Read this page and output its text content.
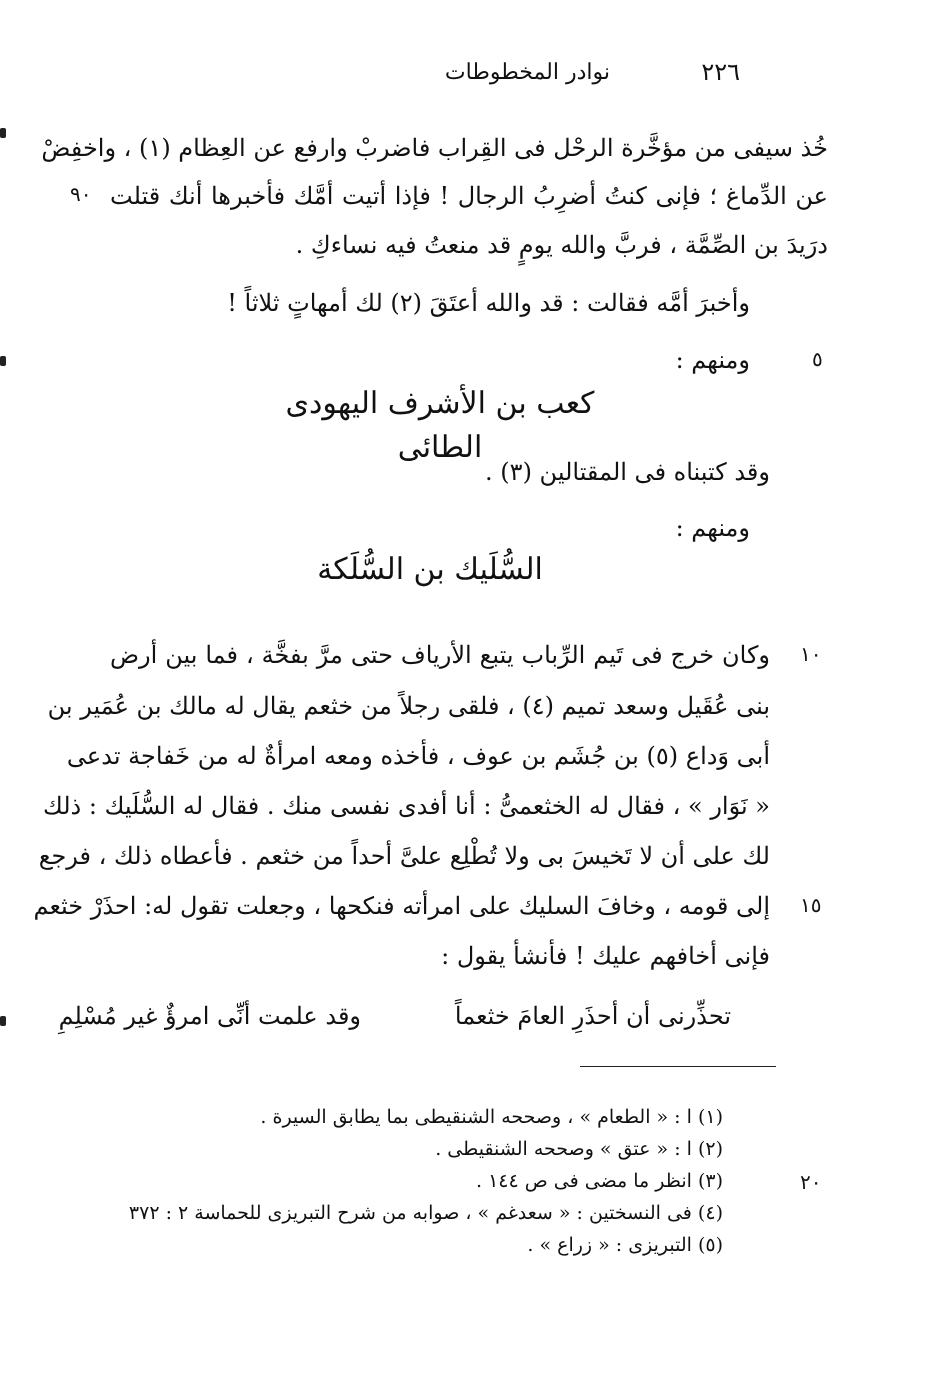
٢٢٦
نوادر المخطوطات
خُذ سيفى من مؤخَّرة الرحْل فى القِراب فاضربْ وارفع عن العِظام (١) ، واخفِضْ
عن الدِّماغ ؛ فإنى كنتُ أضرِبُ الرجال ! فإذا أتيت أمَّك فأخبرها أنك قتلت
٩٠
درَيدَ بن الصِّمَّة ، فربَّ والله يومٍ قد منعتُ فيه نساءكِ .
وأخبرَ أمَّه فقالت : قد والله أعتَقَ (٢) لك أمهاتٍ ثلاثاً !
٥
ومنهم :
كعب بن الأشرف اليهودى الطائى
وقد كتبناه فى المقتالين (٣) .
ومنهم :
السُّلَيك بن السُّلَكة
١٠
وكان خرج فى تَيم الرِّباب يتبع الأرياف حتى مرَّ بفخَّة ، فما بين أرض
بنى عُقَيل وسعد تميم (٤) ، فلقى رجلاً من خثعم يقال له مالك بن عُمَير بن
أبى وَداع (٥) بن جُشَم بن عوف ، فأخذه ومعه امرأةٌ له من خَفاجة تدعى
« نَوَار » ، فقال له الخثعمىُّ : أنا أفدى نفسى منك . فقال له السُّلَيك : ذلك
لك على أن لا تَخيسَ بى ولا تُطْلِع علىَّ أحداً من خثعم . فأعطاه ذلك ، فرجع
١٥
إلى قومه ، وخافَ السليك على امرأته فنكحها ، وجعلت تقول له: احذَرْ خثعم
فإنى أخافهم عليك ! فأنشأ يقول :
تحذِّرنى أن أحذَرِ العامَ خثعماً
وقد علمت أنِّى امرؤٌ غير مُسْلِمِ
(١) ا : « الطعام » ، وصححه الشنقيطى بما يطابق السيرة .
(٢) ا : « عتق » وصححه الشنقيطى .
(٣) انظر ما مضى فى ص ١٤٤ .	٢٠
(٤) فى النسختين : « سعدغم » ، صوابه من شرح التبريزى للحماسة ٢ : ٣٧٢
(٥) التبريزى : « زراع » .
